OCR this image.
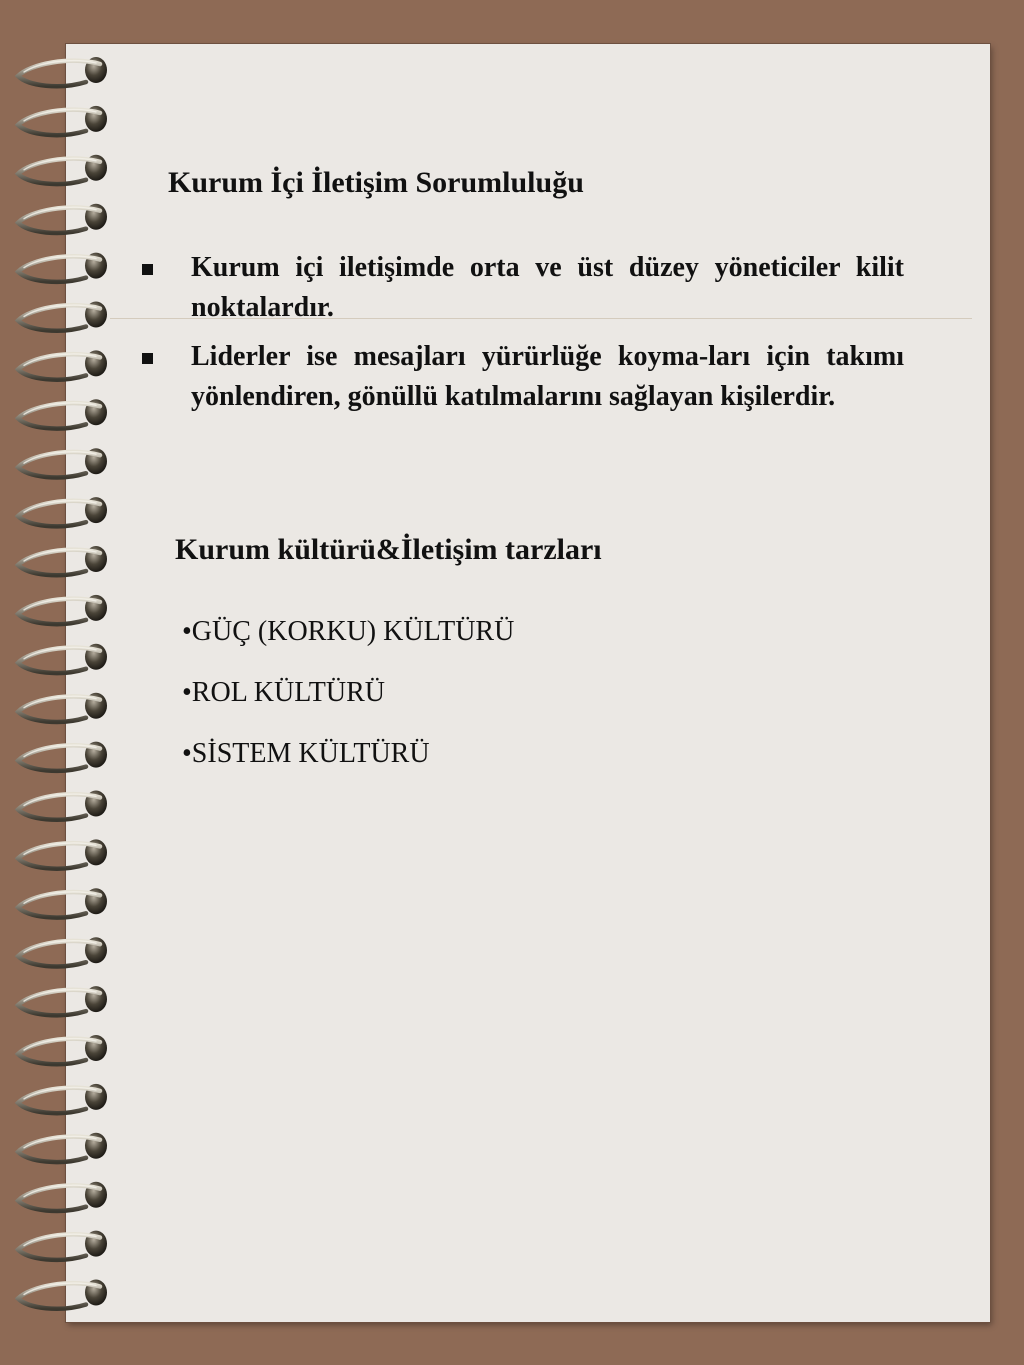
Kurum İçi İletişim Sorumluluğu
Kurum içi iletişimde orta ve üst düzey yöneticiler kilit noktalardır.
Liderler ise mesajları yürürlüğe koyma-ları için takımı yönlendiren, gönüllü katılmalarını sağlayan kişilerdir.
Kurum kültürü&İletişim tarzları
•GÜÇ (KORKU) KÜLTÜRÜ
•ROL KÜLTÜRÜ
•SİSTEM KÜLTÜRÜ
